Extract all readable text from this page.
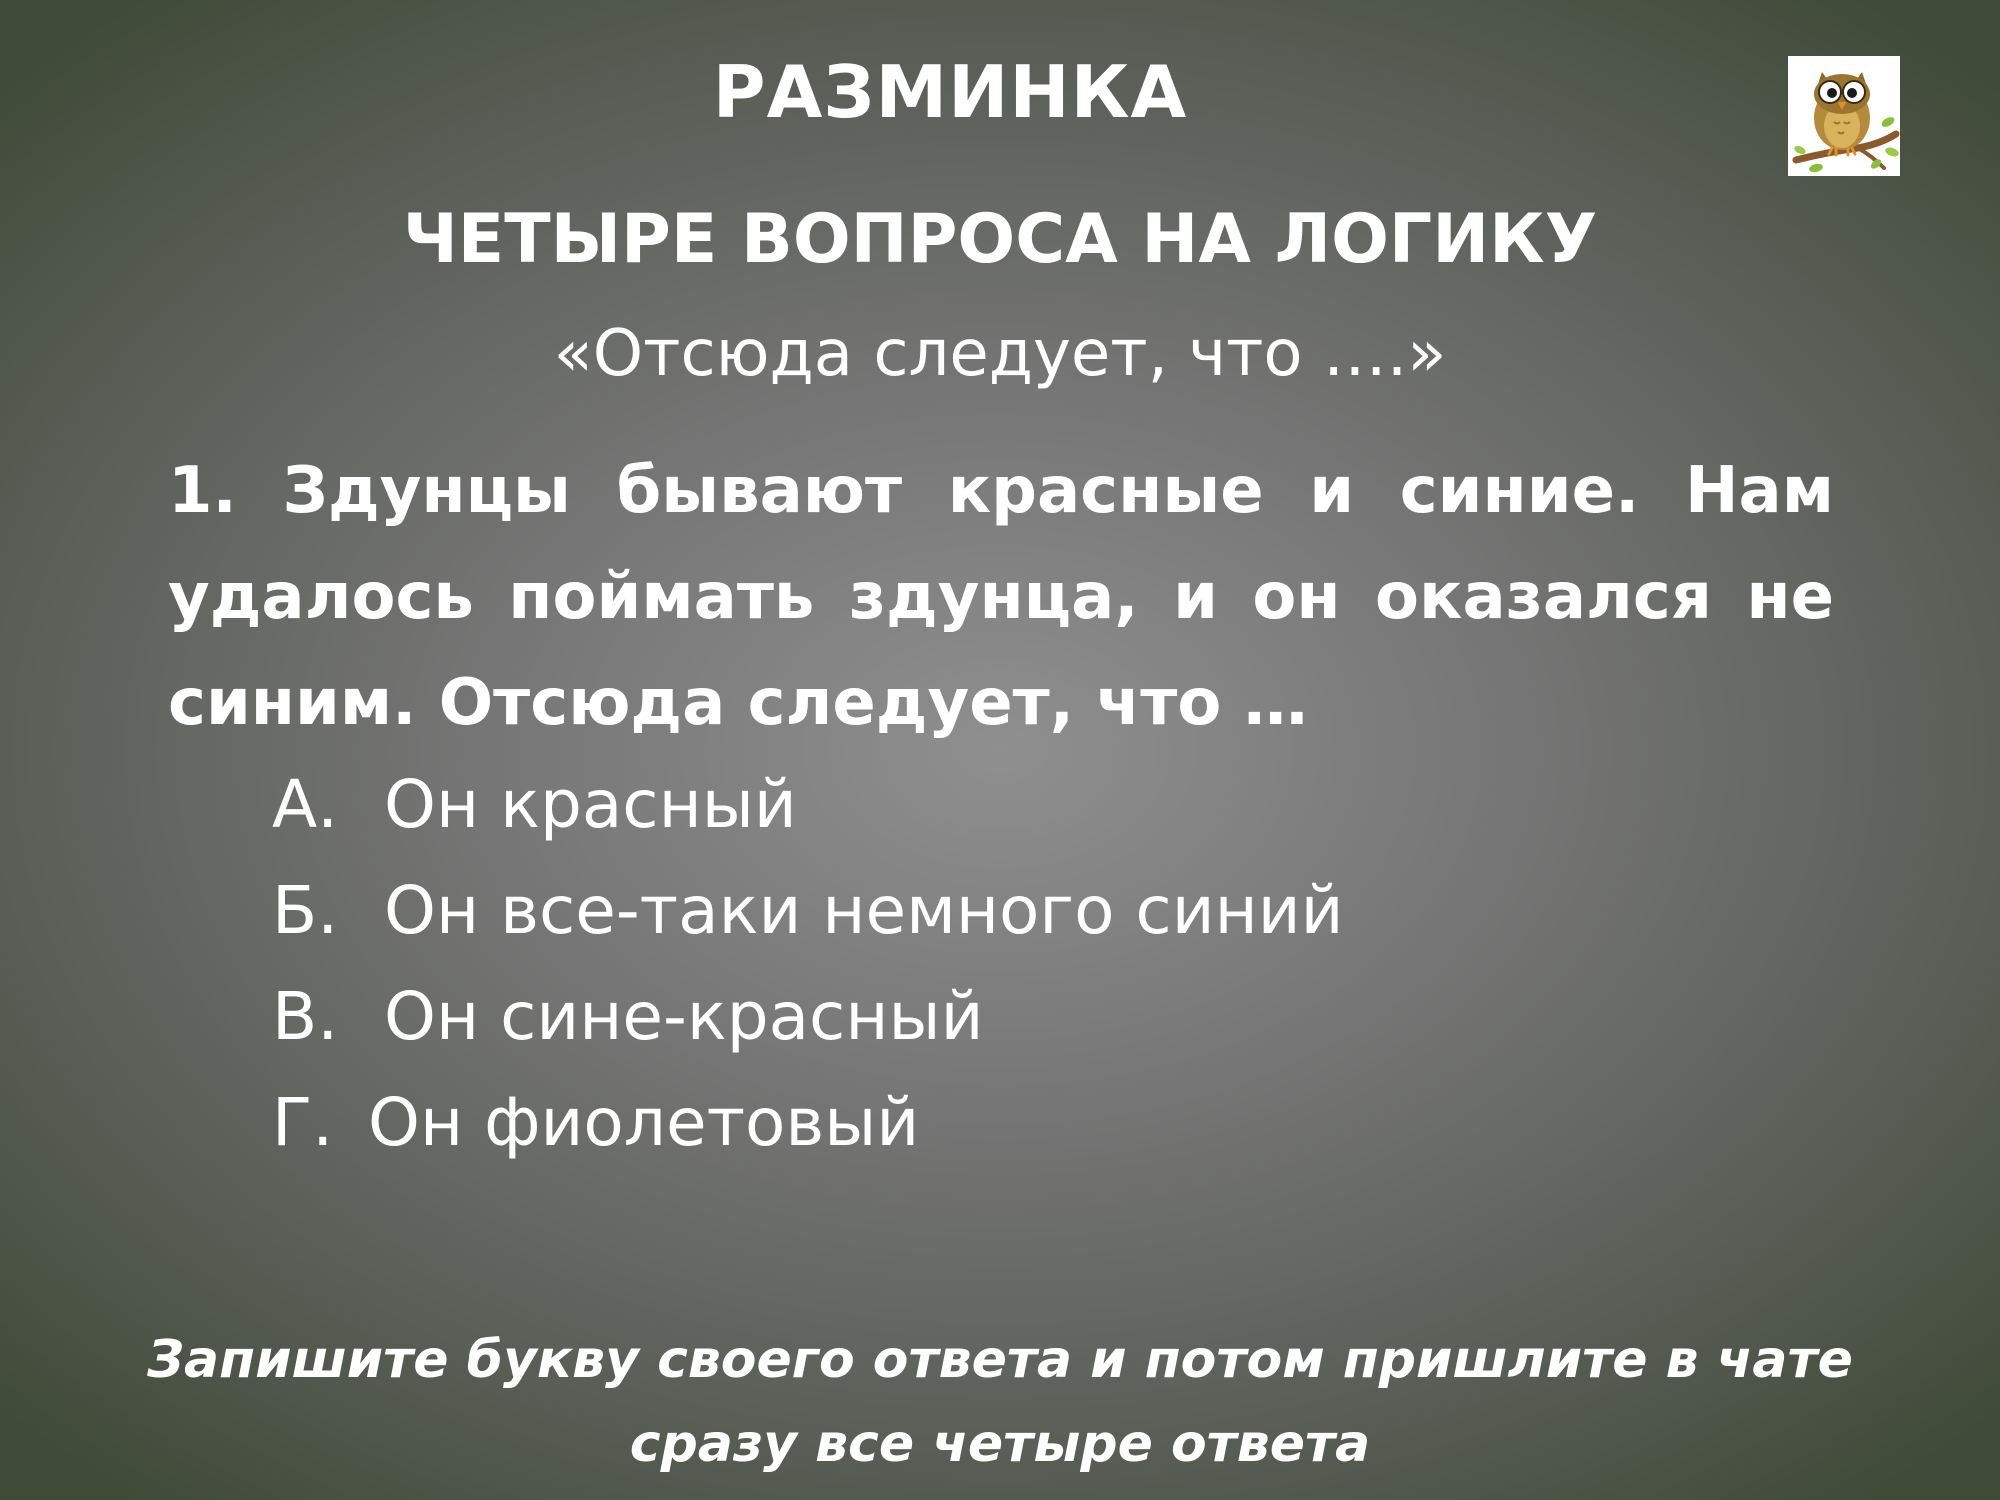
РАЗМИНКА
ЧЕТЫРЕ ВОПРОСА НА ЛОГИКУ
«Отсюда следует, что ….»
1. Здунцы бывают красные и синие. Нам удалось поймать здунца, и он оказался не синим. Отсюда следует, что …
А. Он красный
Б. Он все-таки немного синий
В. Он сине-красный
Г. Он фиолетовый
Запишите букву своего ответа и потом пришлите в чате
сразу все четыре ответа
